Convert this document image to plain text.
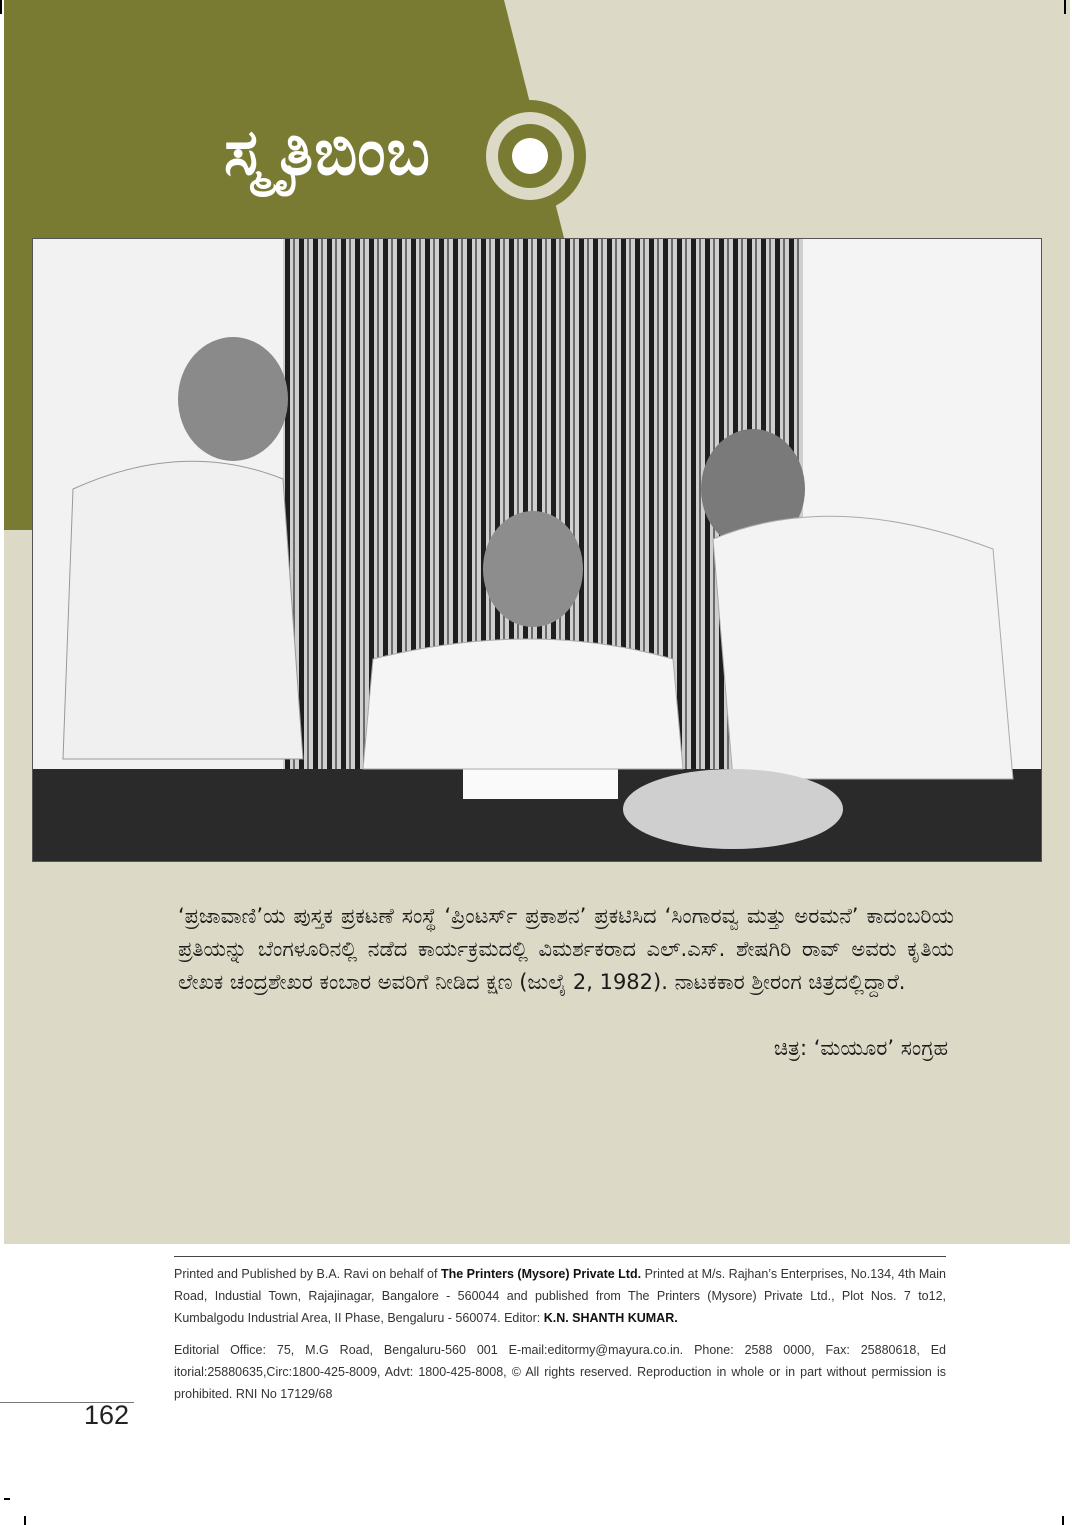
ಸ್ಮೃತಿಬಿಂಬ
‘ಪ್ರಜಾವಾಣಿ’ಯ ಪುಸ್ತಕ ಪ್ರಕಟಣೆ ಸಂಸ್ಥೆ ‘ಪ್ರಿಂಟರ್ಸ್ ಪ್ರಕಾಶನ’ ಪ್ರಕಟಿಸಿದ ‘ಸಿಂಗಾರವ್ವ ಮತ್ತು ಅರಮನೆ’ ಕಾದಂಬರಿಯ ಪ್ರತಿಯನ್ನು ಬೆಂಗಳೂರಿನಲ್ಲಿ ನಡೆದ ಕಾರ್ಯಕ್ರಮದಲ್ಲಿ ವಿಮರ್ಶಕರಾದ ಎಲ್.ಎಸ್. ಶೇಷಗಿರಿ ರಾವ್ ಅವರು ಕೃತಿಯ ಲೇಖಕ ಚಂದ್ರಶೇಖರ ಕಂಬಾರ ಅವರಿಗೆ ನೀಡಿದ ಕ್ಷಣ (ಜುಲೈ 2, 1982). ನಾಟಕಕಾರ ಶ್ರೀರಂಗ ಚಿತ್ರದಲ್ಲಿದ್ದಾರೆ.
ಚಿತ್ರ: ‘ಮಯೂರ’ ಸಂಗ್ರಹ
Printed and Published by B.A. Ravi on behalf of The Printers (Mysore) Private Ltd. Printed at M/s. Rajhan’s Enterprises, No.134, 4th Main Road, Industial Town, Rajajinagar, Bangalore - 560044 and published from The Printers (Mysore) Private Ltd., Plot Nos. 7 to12, Kumbalgodu Industrial Area, II Phase, Bengaluru - 560074. Editor: K.N. SHANTH KUMAR.
Editorial Office: 75, M.G Road, Bengaluru-560 001 E-mail:editormy@mayura.co.in. Phone: 2588 0000, Fax: 25880618, Ed itorial:25880635,Circ:1800-425-8009, Advt: 1800-425-8008, © All rights reserved. Reproduction in whole or in part without permission is prohibited. RNI No 17129/68
162
